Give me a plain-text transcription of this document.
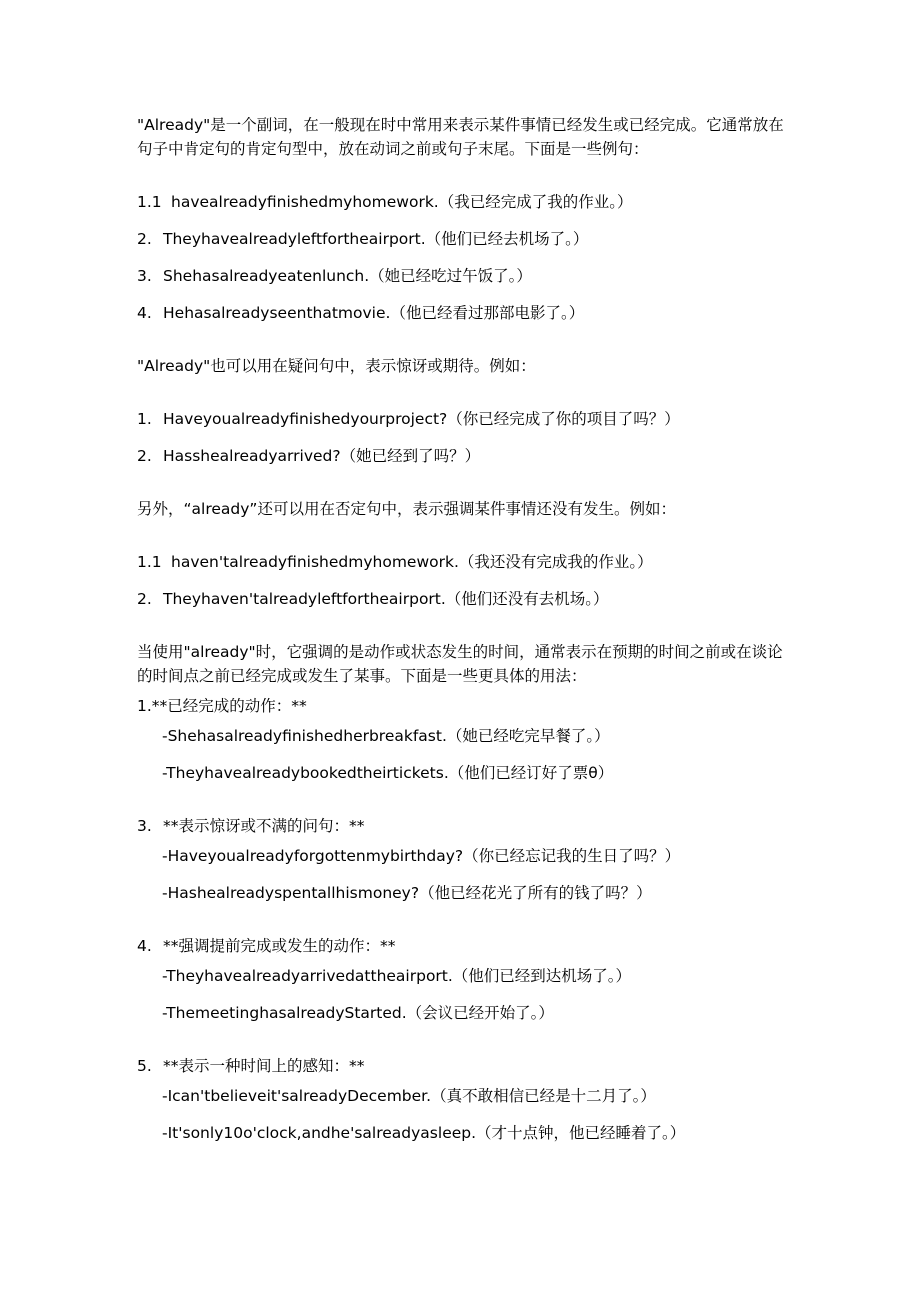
"Already"是一个副词，在一般现在时中常用来表示某件事情已经发生或已经完成。它通常放在
句子中肯定句的肯定句型中，放在动词之前或句子末尾。下面是一些例句：
1.1 havealreadyfinishedmyhomework.（我已经完成了我的作业。）
2. Theyhavealreadyleftfortheairport.（他们已经去机场了。）
3. Shehasalreadyeatenlunch.（她已经吃过午饭了。）
4. Hehasalreadyseenthatmovie.（他已经看过那部电影了。）
"Already"也可以用在疑问句中，表示惊讶或期待。例如：
1. Haveyoualreadyfinishedyourproject?（你已经完成了你的项目了吗？）
2. Hasshealreadyarrived?（她已经到了吗？）
另外，“already”还可以用在否定句中，表示强调某件事情还没有发生。例如：
1.1 haven'talreadyfinishedmyhomework.（我还没有完成我的作业。）
2. Theyhaven'talreadyleftfortheairport.（他们还没有去机场。）
当使用"already"时，它强调的是动作或状态发生的时间，通常表示在预期的时间之前或在谈论
的时间点之前已经完成或发生了某事。下面是一些更具体的用法：
1.**已经完成的动作：**
-Shehasalreadyfinishedherbreakfast.（她已经吃完早餐了。）
-Theyhavealreadybookedtheirtickets.（他们已经订好了票θ）
3. **表示惊讶或不满的问句：**
-Haveyoualreadyforgottenmybirthday?（你已经忘记我的生日了吗？）
-Hashealreadyspentallhismoney?（他已经花光了所有的钱了吗？）
4. **强调提前完成或发生的动作：**
-Theyhavealreadyarrivedattheairport.（他们已经到达机场了。）
-ThemeetinghasalreadyStarted.（会议已经开始了。）
5. **表示一种时间上的感知：**
-Ican'tbelieveit'salreadyDecember.（真不敢相信已经是十二月了。）
-It'sonly10o'clock,andhe'salreadyasleep.（才十点钟，他已经睡着了。）
